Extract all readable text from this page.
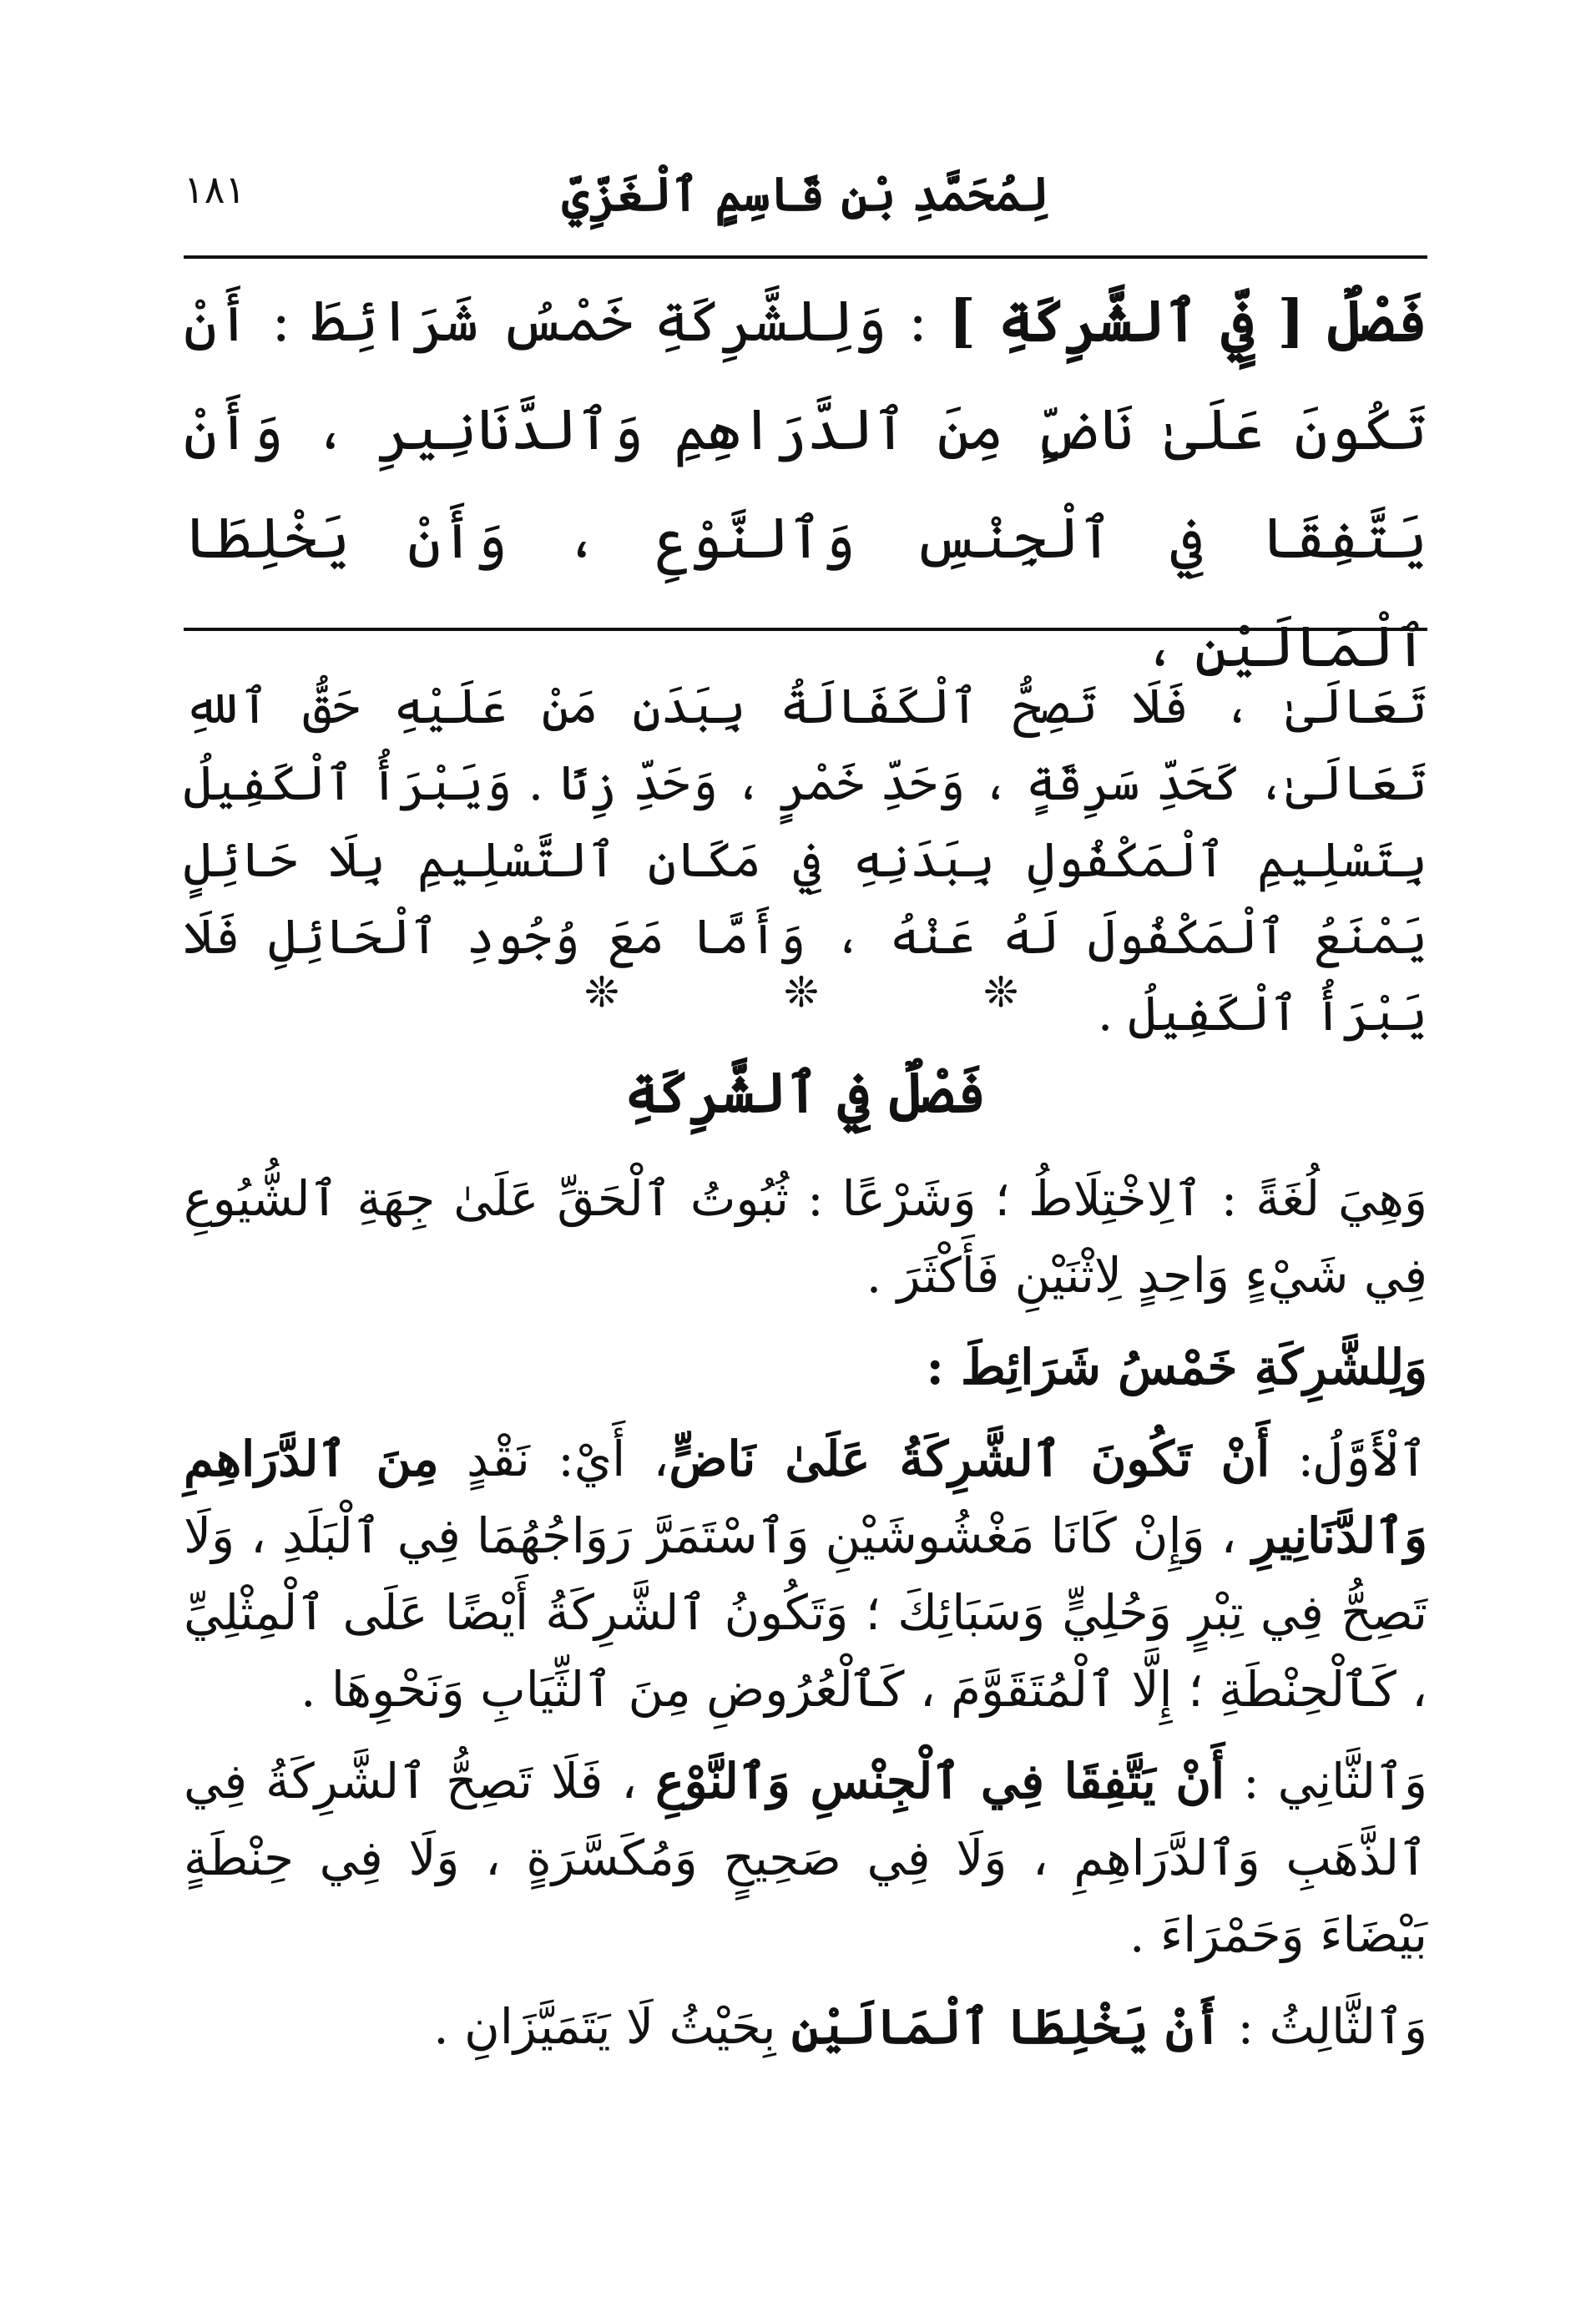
١٨١	لِمُحَمَّدِ بْنِ قَاسِمٍ ٱلْغَزِّيِّ

فَصْلٌ [ فِيِّ ٱلشَّرِكَةِ ] : وَلِلشَّرِكَةِ خَمْسُ شَرَائِطَ : أَنْ تَكُونَ عَلَىٰ نَاضٍّ مِنَ ٱلدَّرَاهِمِ وَٱلدَّنَانِيرِ ، وَأَنْ يَتَّفِقَا فِي ٱلْجِنْسِ وَٱلنَّوْعِ ، وَأَنْ يَخْلِطَا ٱلْمَالَيْنِ ،

تَعَالَىٰ ، فَلَا تَصِحُّ ٱلْكَفَالَةُ بِبَدَنِ مَنْ عَلَيْهِ حَقُّ ٱللهِ تَعَالَىٰ، كَحَدِّ سَرِقَةٍ ، وَحَدِّ خَمْرٍ ، وَحَدِّ زِنًا . وَيَبْرَأُ ٱلْكَفِيلُ بِتَسْلِيمِ ٱلْمَكْفُولِ بِبَدَنِهِ فِي مَكَانِ ٱلتَّسْلِيمِ بِلَا حَائِلٍ يَمْنَعُ ٱلْمَكْفُولَ لَهُ عَنْهُ ، وَأَمَّا مَعَ وُجُودِ ٱلْحَائِلِ فَلَا يَبْرَأُ ٱلْكَفِيلُ .

❊	❊	❊
فَصْلٌ فِي ٱلشَّرِكَةِ

وَهِيَ لُغَةً : ٱلِاخْتِلَاطُ ؛ وَشَرْعًا : ثُبُوتُ ٱلْحَقِّ عَلَىٰ جِهَةِ ٱلشُّيُوعِ فِي شَيْءٍ وَاحِدٍ لِاثْنَيْنِ فَأَكْثَرَ .

وَلِلشَّرِكَةِ خَمْسُ شَرَائِطَ :

ٱلْأَوَّلُ: أَنْ تَكُونَ ٱلشَّرِكَةُ عَلَىٰ نَاضٍّ، أَيْ: نَقْدٍ مِنَ ٱلدَّرَاهِمِ وَٱلدَّنَانِيرِ ، وَإِنْ كَانَا مَغْشُوشَيْنِ وَٱسْتَمَرَّ رَوَاجُهُمَا فِي ٱلْبَلَدِ ، وَلَا تَصِحُّ فِي تِبْرٍ وَحُلِيٍّ وَسَبَائِكَ ؛ وَتَكُونُ ٱلشَّرِكَةُ أَيْضًا عَلَى ٱلْمِثْلِيِّ ، كَٱلْحِنْطَةِ ؛ إِلَّا ٱلْمُتَقَوَّمَ ، كَٱلْعُرُوضِ مِنَ ٱلثِّيَابِ وَنَحْوِهَا .

وَٱلثَّانِي : أَنْ يَتَّفِقَا فِي ٱلْجِنْسِ وَٱلنَّوْعِ ، فَلَا تَصِحُّ ٱلشَّرِكَةُ فِي ٱلذَّهَبِ وَٱلدَّرَاهِمِ ، وَلَا فِي صَحِيحٍ وَمُكَسَّرَةٍ ، وَلَا فِي حِنْطَةٍ بَيْضَاءَ وَحَمْرَاءَ .

وَٱلثَّالِثُ : أَنْ يَخْلِطَا ٱلْمَالَيْنِ بِحَيْثُ لَا يَتَمَيَّزَانِ .
